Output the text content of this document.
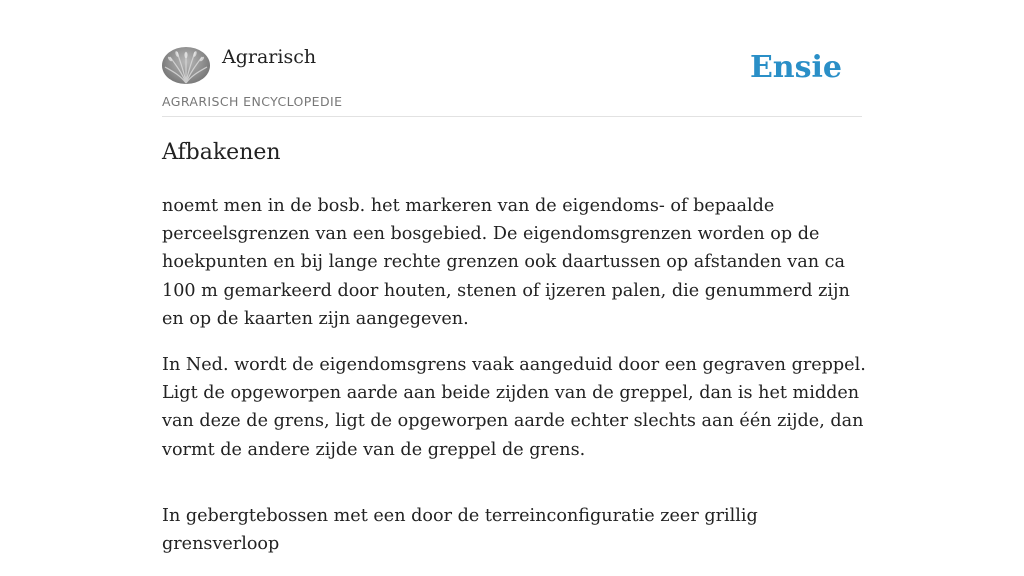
Agrarisch
AGRARISCH ENCYCLOPEDIE
Ensie
Afbakenen

noemt men in de bosb. het markeren van de eigendoms- of bepaalde perceelsgrenzen van een bosgebied. De eigendomsgrenzen worden op de hoekpunten en bij lange rechte grenzen ook daartussen op afstanden van ca 100 m gemarkeerd door houten, stenen of ijzeren palen, die genummerd zijn en op de kaarten zijn aangegeven.

In Ned. wordt de eigendomsgrens vaak aangeduid door een gegraven greppel. Ligt de opgeworpen aarde aan beide zijden van de greppel, dan is het midden van deze de grens, ligt de opgeworpen aarde echter slechts aan één zijde, dan vormt de andere zijde van de greppel de grens.

In gebergtebossen met een door de terreinconfiguratie zeer grillig grensverloop
